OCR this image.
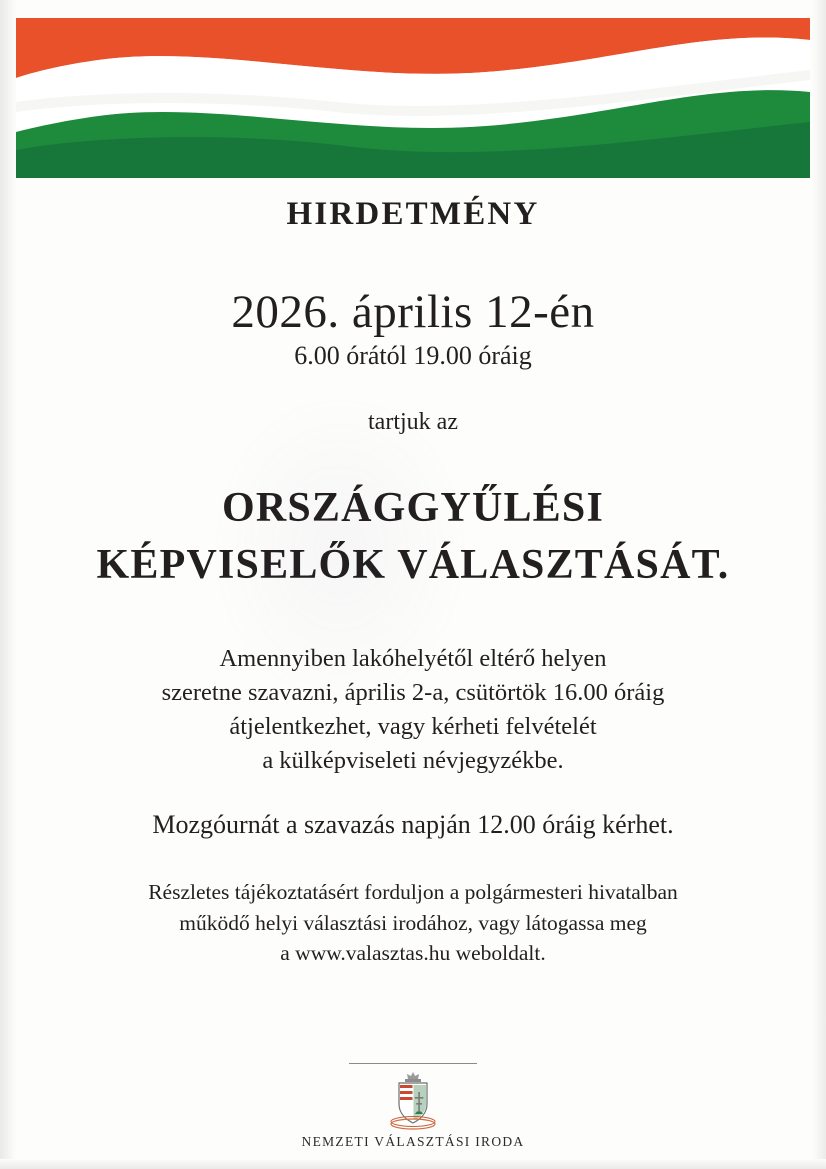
HIRDETMÉNY
2026. április 12-én
6.00 órától 19.00 óráig
tartjuk az
ORSZÁGGYŰLÉSI
KÉPVISELŐK VÁLASZTÁSÁT.
Amennyiben lakóhelyétől eltérő helyen
szeretne szavazni, április 2-a, csütörtök 16.00 óráig
átjelentkezhet, vagy kérheti felvételét
a külképviseleti névjegyzékbe.
Mozgóurnát a szavazás napján 12.00 óráig kérhet.
Részletes tájékoztatásért forduljon a polgármesteri hivatalban
működő helyi választási irodához, vagy látogassa meg
a www.valasztas.hu weboldalt.
NEMZETI VÁLASZTÁSI IRODA
